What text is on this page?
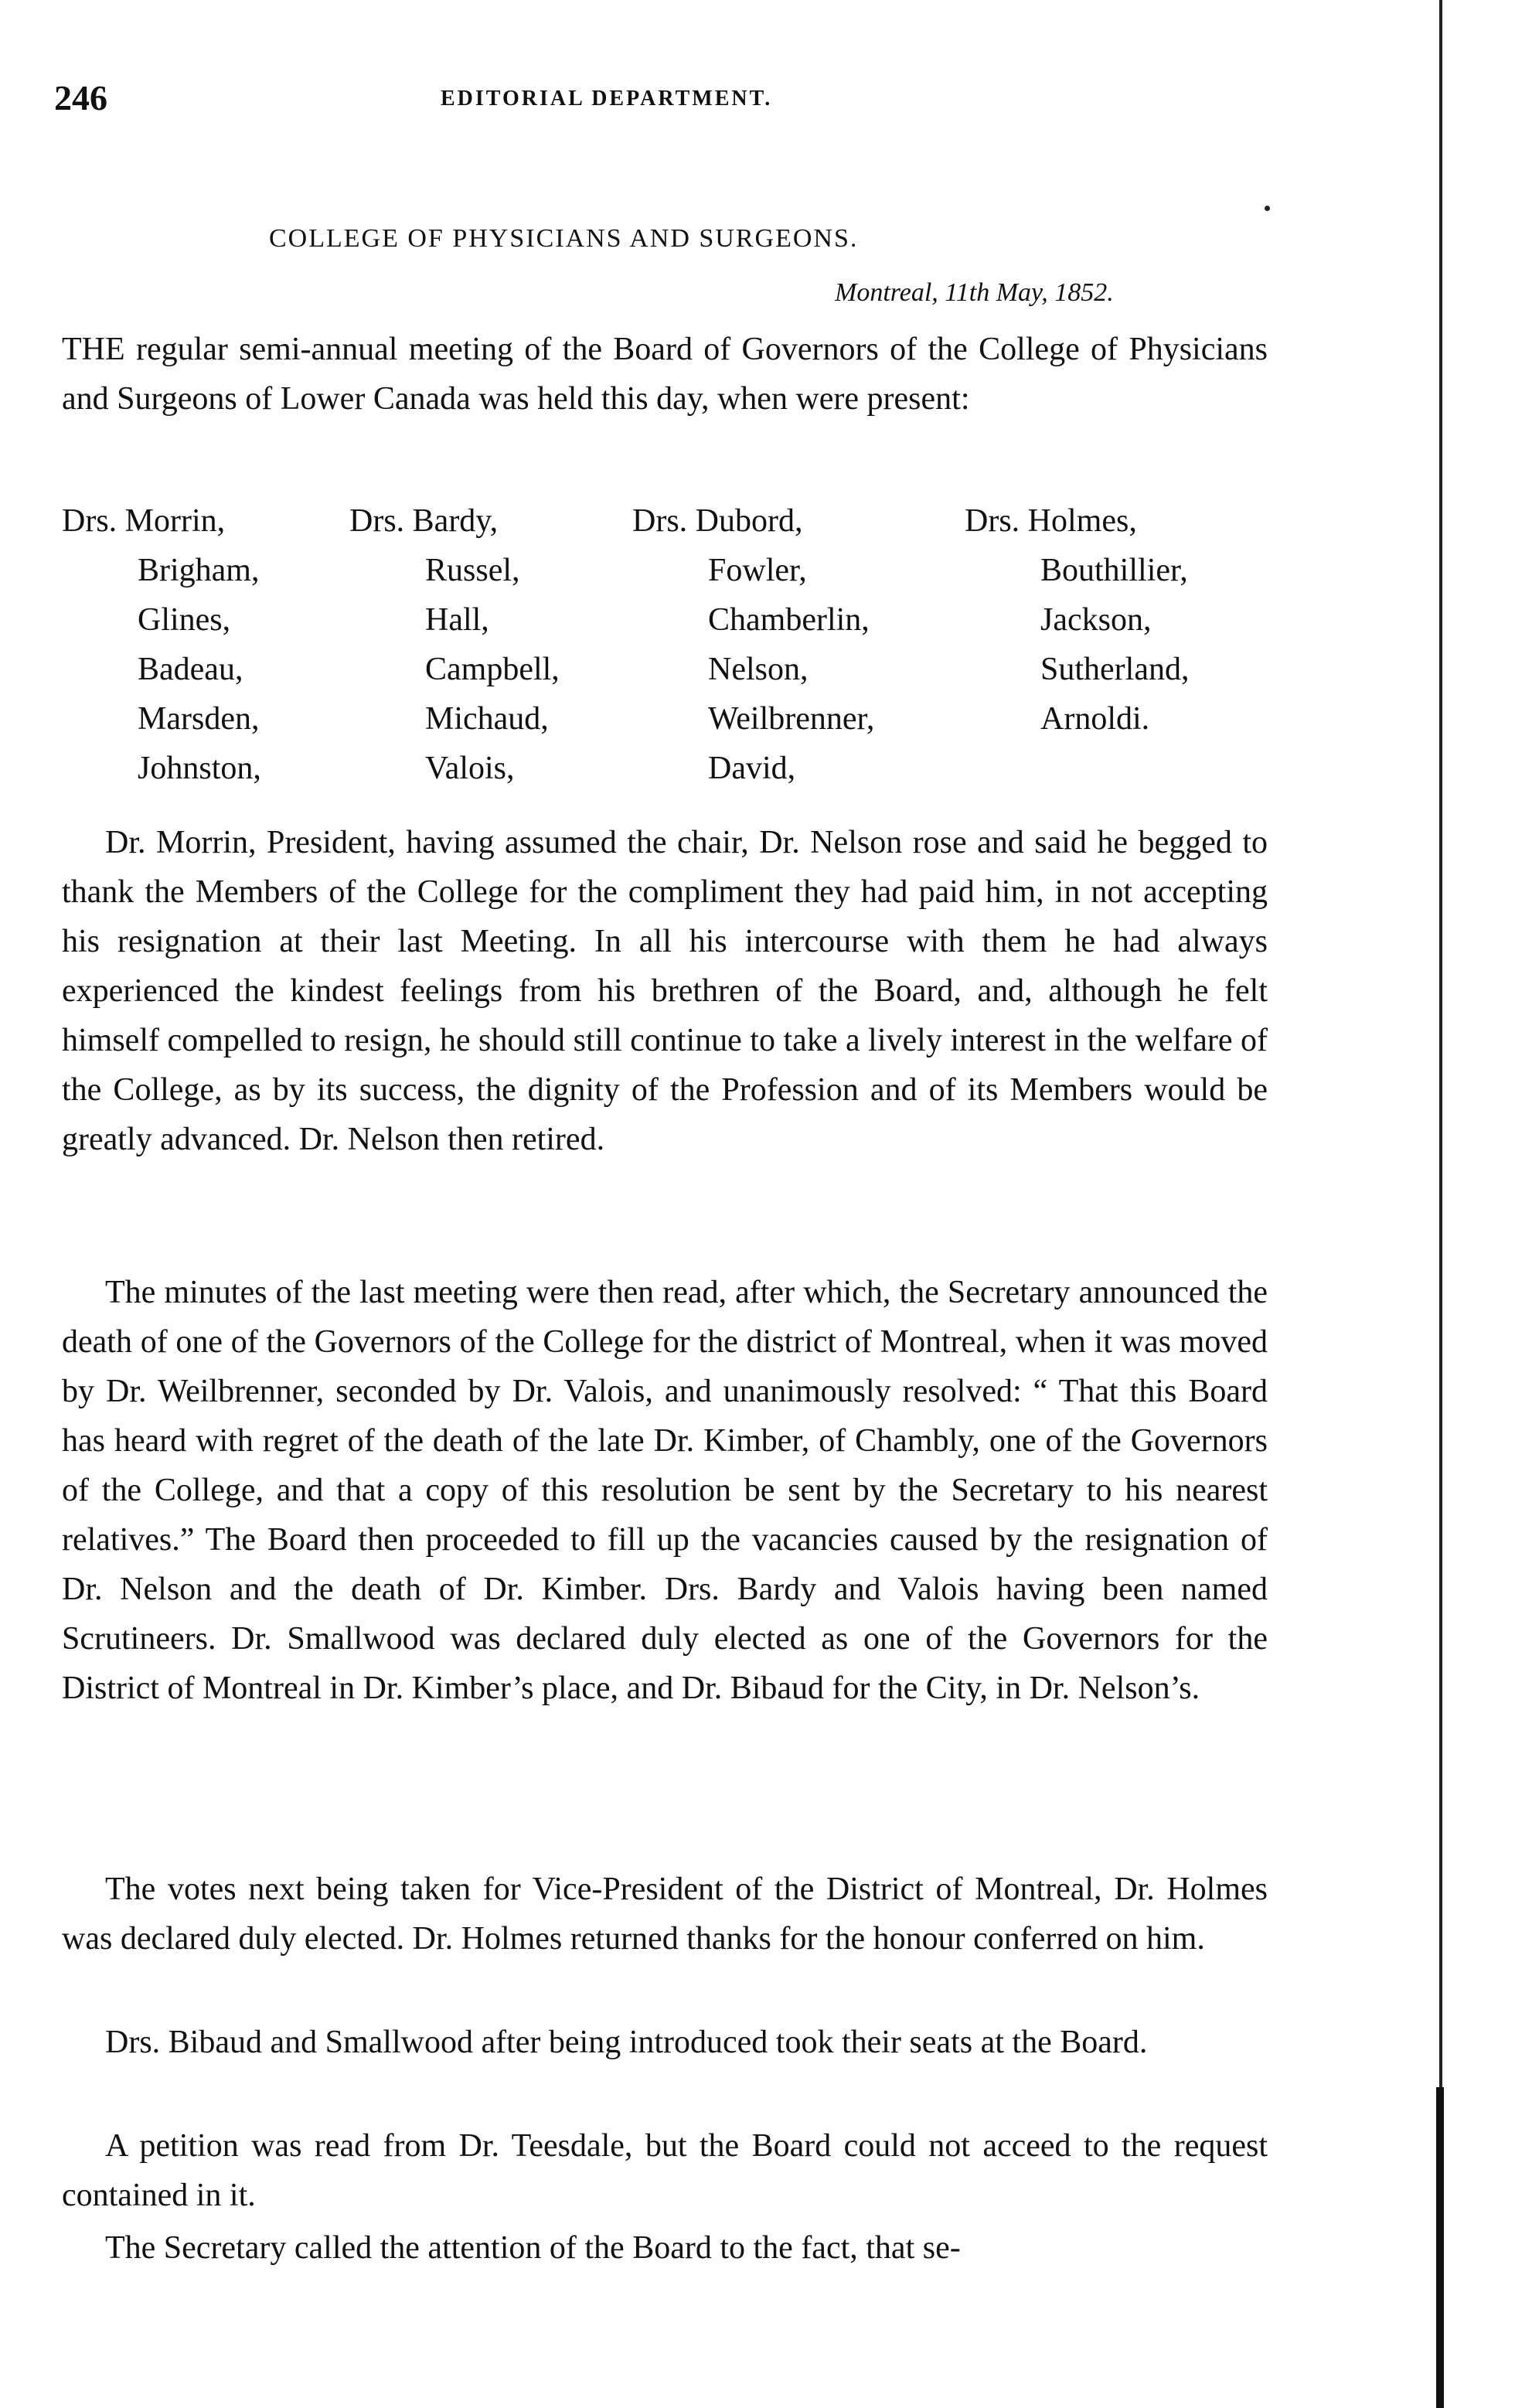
246	EDITORIAL DEPARTMENT.
COLLEGE OF PHYSICIANS AND SURGEONS.
Montreal, 11th May, 1852.
THE regular semi-annual meeting of the Board of Governors of the College of Physicians and Surgeons of Lower Canada was held this day, when were present:
Drs. Morrin,
Brigham,
Glines,
Badeau,
Marsden,
Johnston,
Drs. Bardy,
Russel,
Hall,
Campbell,
Michaud,
Valois,
Drs. Dubord,
Fowler,
Chamberlin,
Nelson,
Weilbrenner,
David,
Drs. Holmes,
Bouthillier,
Jackson,
Sutherland,
Arnoldi.
Dr. Morrin, President, having assumed the chair, Dr. Nelson rose and said he begged to thank the Members of the College for the compliment they had paid him, in not accepting his resignation at their last Meeting. In all his intercourse with them he had always experienced the kindest feelings from his brethren of the Board, and, although he felt himself compelled to resign, he should still continue to take a lively interest in the welfare of the College, as by its success, the dignity of the Profession and of its Members would be greatly advanced. Dr. Nelson then retired.
The minutes of the last meeting were then read, after which, the Secretary announced the death of one of the Governors of the College for the district of Montreal, when it was moved by Dr. Weilbrenner, seconded by Dr. Valois, and unanimously resolved: “ That this Board has heard with regret of the death of the late Dr. Kimber, of Chambly, one of the Governors of the College, and that a copy of this resolution be sent by the Secretary to his nearest relatives.” The Board then proceeded to fill up the vacancies caused by the resignation of Dr. Nelson and the death of Dr. Kimber. Drs. Bardy and Valois having been named Scrutineers. Dr. Smallwood was declared duly elected as one of the Governors for the District of Montreal in Dr. Kimber’s place, and Dr. Bibaud for the City, in Dr. Nelson’s.
The votes next being taken for Vice-President of the District of Montreal, Dr. Holmes was declared duly elected. Dr. Holmes returned thanks for the honour conferred on him.
Drs. Bibaud and Smallwood after being introduced took their seats at the Board.
A petition was read from Dr. Teesdale, but the Board could not acceed to the request contained in it.
The Secretary called the attention of the Board to the fact, that se-
